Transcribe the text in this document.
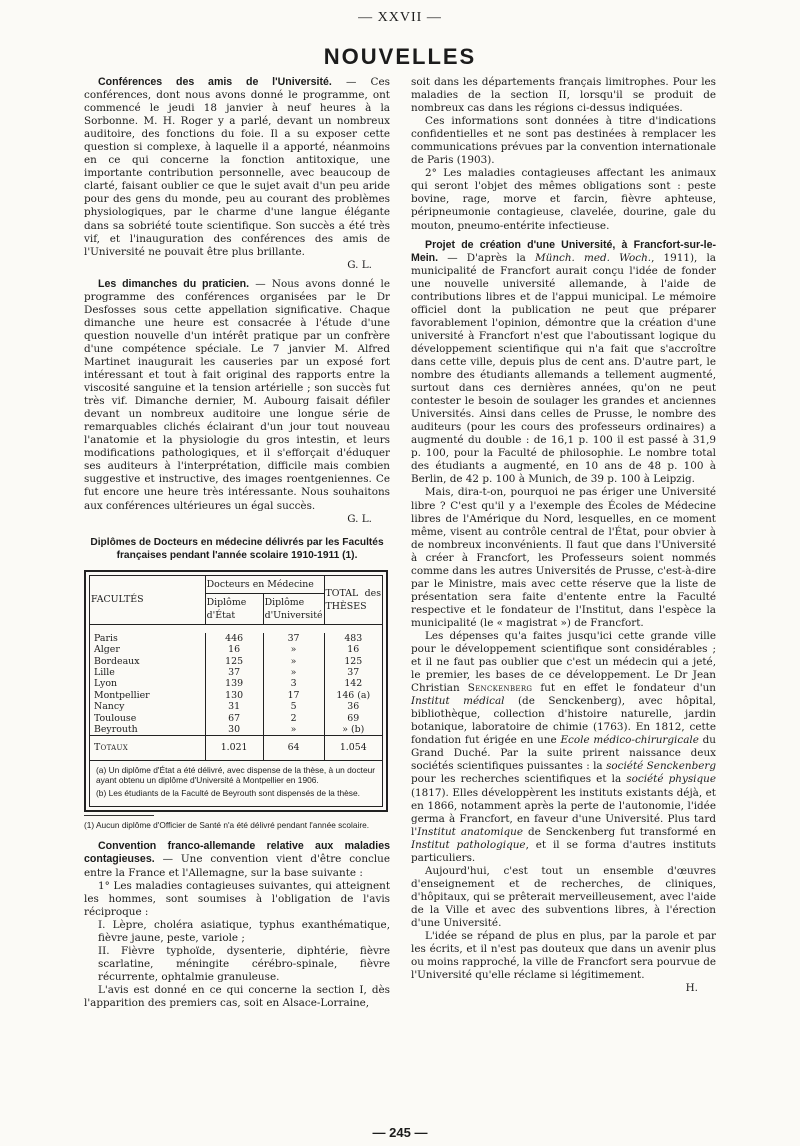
— XXVII —
NOUVELLES

Conférences des amis de l'Université. — Ces conférences, dont nous avons donné le programme, ont commencé le jeudi 18 janvier à neuf heures à la Sorbonne. M. H. Roger y a parlé, devant un nombreux auditoire, des fonctions du foie. Il a su exposer cette question si complexe, à laquelle il a apporté, néanmoins en ce qui concerne la fonction antitoxique, une importante contribution personnelle, avec beaucoup de clarté, faisant oublier ce que le sujet avait d'un peu aride pour des gens du monde, peu au courant des problèmes physiologiques, par le charme d'une langue élégante dans sa sobriété toute scientifique. Son succès a été très vif, et l'inauguration des conférences des amis de l'Université ne pouvait être plus brillante.

G. L.

Les dimanches du praticien. — Nous avons donné le programme des conférences organisées par le Dr Desfosses sous cette appellation significative. Chaque dimanche une heure est consacrée à l'étude d'une question nouvelle d'un intérêt pratique par un confrère d'une compétence spéciale. Le 7 janvier M. Alfred Martinet inaugurait les causeries par un exposé fort intéressant et tout à fait original des rapports entre la viscosité sanguine et la tension artérielle ; son succès fut très vif. Dimanche dernier, M. Aubourg faisait défiler devant un nombreux auditoire une longue série de remarquables clichés éclairant d'un jour tout nouveau l'anatomie et la physiologie du gros intestin, et leurs modifications pathologiques, et il s'efforçait d'éduquer ses auditeurs à l'interprétation, difficile mais combien suggestive et instructive, des images roentgeniennes. Ce fut encore une heure très intéressante. Nous souhaitons aux conférences ultérieures un égal succès.

G. L.

Diplômes de Docteurs en médecine délivrés par les Facultés françaises pendant l'année scolaire 1910-1911 (1).
FACULTÉS	Docteurs en Médecine		TOTAL des THÈSES
	Diplôme d'État	Diplôme d'Université	

Paris	446	37	483
Alger	16	»	16
Bordeaux	125	»	125
Lille	37	»	37
Lyon	139	3	142
Montpellier	130	17	146 (a)
Nancy	31	5	36
Toulouse	67	2	69
Beyrouth	30	»	» (b)
Totaux	1.021	64	1.054
(a) Un diplôme d'État a été délivré, avec dispense de la thèse, à un docteur ayant obtenu un diplôme d'Université à Montpellier en 1906.
(b) Les étudiants de la Faculté de Beyrouth sont dispensés de la thèse.

(1) Aucun diplôme d'Officier de Santé n'a été délivré pendant l'année scolaire.

Convention franco-allemande relative aux maladies contagieuses. — Une convention vient d'être conclue entre la France et l'Allemagne, sur la base suivante :

1° Les maladies contagieuses suivantes, qui atteignent les hommes, sont soumises à l'obligation de l'avis réciproque :

I. Lèpre, choléra asiatique, typhus exanthématique, fièvre jaune, peste, variole ;

II. Fièvre typhoïde, dysenterie, diphtérie, fièvre scarlatine, méningite cérébro-spinale, fièvre récurrente, ophtalmie granuleuse.

L'avis est donné en ce qui concerne la section I, dès l'apparition des premiers cas, soit en Alsace-Lorraine,

soit dans les départements français limitrophes. Pour les maladies de la section II, lorsqu'il se produit de nombreux cas dans les régions ci-dessus indiquées.

Ces informations sont données à titre d'indications confidentielles et ne sont pas destinées à remplacer les communications prévues par la convention internationale de Paris (1903).

2° Les maladies contagieuses affectant les animaux qui seront l'objet des mêmes obligations sont : peste bovine, rage, morve et farcin, fièvre aphteuse, péripneumonie contagieuse, clavelée, dourine, gale du mouton, pneumo-entérite infectieuse.

Projet de création d'une Université, à Francfort-sur-le-Mein. — D'après la Münch. med. Woch., 1911), la municipalité de Francfort aurait conçu l'idée de fonder une nouvelle université allemande, à l'aide de contributions libres et de l'appui municipal. Le mémoire officiel dont la publication ne peut que préparer favorablement l'opinion, démontre que la création d'une université à Francfort n'est que l'aboutissant logique du développement scientifique qui n'a fait que s'accroître dans cette ville, depuis plus de cent ans. D'autre part, le nombre des étudiants allemands a tellement augmenté, surtout dans ces dernières années, qu'on ne peut contester le besoin de soulager les grandes et anciennes Universités. Ainsi dans celles de Prusse, le nombre des auditeurs (pour les cours des professeurs ordinaires) a augmenté du double : de 16,1 p. 100 il est passé à 31,9 p. 100, pour la Faculté de philosophie. Le nombre total des étudiants a augmenté, en 10 ans de 48 p. 100 à Berlin, de 42 p. 100 à Munich, de 39 p. 100 à Leipzig.

Mais, dira-t-on, pourquoi ne pas ériger une Université libre ? C'est qu'il y a l'exemple des Écoles de Médecine libres de l'Amérique du Nord, lesquelles, en ce moment même, visent au contrôle central de l'État, pour obvier à de nombreux inconvénients. Il faut que dans l'Université à créer à Francfort, les Professeurs soient nommés comme dans les autres Universités de Prusse, c'est-à-dire par le Ministre, mais avec cette réserve que la liste de présentation sera faite d'entente entre la Faculté respective et le fondateur de l'Institut, dans l'espèce la municipalité (le « magistrat ») de Francfort.

Les dépenses qu'a faites jusqu'ici cette grande ville pour le développement scientifique sont considérables ; et il ne faut pas oublier que c'est un médecin qui a jeté, le premier, les bases de ce développement. Le Dr Jean Christian Senckenberg fut en effet le fondateur d'un Institut médical (de Senckenberg), avec hôpital, bibliothèque, collection d'histoire naturelle, jardin botanique, laboratoire de chimie (1763). En 1812, cette fondation fut érigée en une Ecole médico-chirurgicale du Grand Duché. Par la suite prirent naissance deux sociétés scientifiques puissantes : la société Senckenberg pour les recherches scientifiques et la société physique (1817). Elles développèrent les instituts existants déjà, et en 1866, notamment après la perte de l'autonomie, l'idée germa à Francfort, en faveur d'une Université. Plus tard l'Institut anatomique de Senckenberg fut transformé en Institut pathologique, et il se forma d'autres instituts particuliers.

Aujourd'hui, c'est tout un ensemble d'œuvres d'enseignement et de recherches, de cliniques, d'hôpitaux, qui se prêterait merveilleusement, avec l'aide de la Ville et avec des subventions libres, à l'érection d'une Université.

L'idée se répand de plus en plus, par la parole et par les écrits, et il n'est pas douteux que dans un avenir plus ou moins rapproché, la ville de Francfort sera pourvue de l'Université qu'elle réclame si légitimement.

H.

— 245 —
